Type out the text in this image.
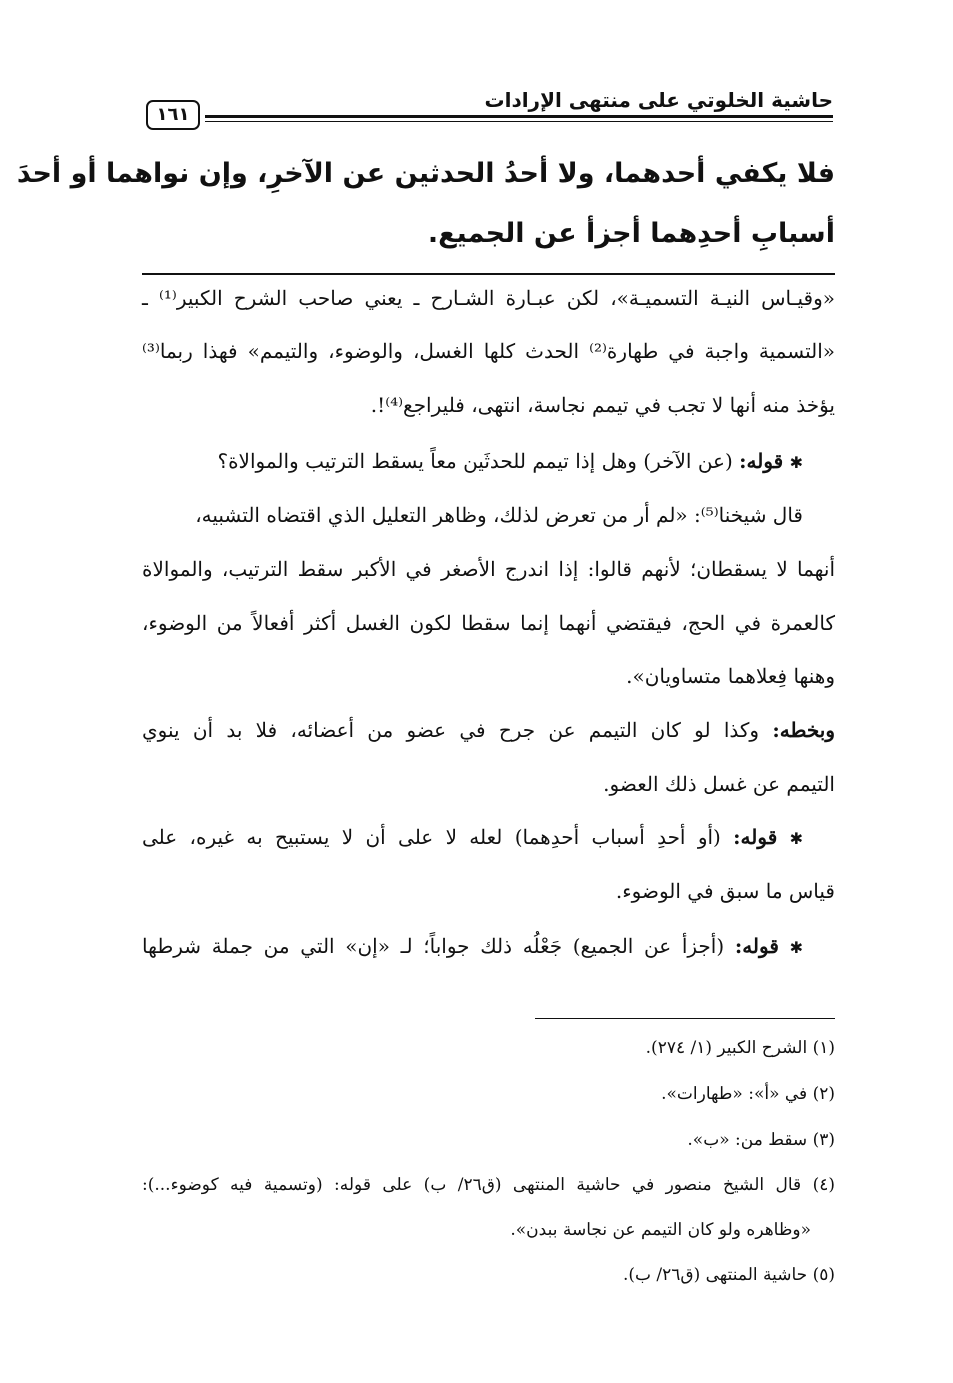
حاشية الخلوتي على منتهى الإرادات
١٦١
فلا يكفي أحدهما، ولا أحدُ الحدثين عن الآخرِ، وإن نواهما أو أحدَ
أسبابِ أحدِهما أجزأ عن الجميع.
«وقيـاس النيـة التسميـة»، لكن عبـارة الشـارح ـ يعني صاحب الشرح الكبير⁽¹⁾ ـ
«التسمية واجبة في طهارة⁽²⁾ الحدث كلها الغسل، والوضوء، والتيمم» فهذا ربما⁽³⁾
يؤخذ منه أنها لا تجب في تيمم نجاسة، انتهى، فليراجع⁽⁴⁾!.
✱ قوله: (عن الآخر) وهل إذا تيمم للحدثَين معاً يسقط الترتيب والموالاة؟
قال شيخنا⁽⁵⁾: «لم أر من تعرض لذلك، وظاهر التعليل الذي اقتضاه التشبيه،
أنهما لا يسقطان؛ لأنهم قالوا: إذا اندرج الأصغر في الأكبر سقط الترتيب، والموالاة
كالعمرة في الحج، فيقتضي أنهما إنما سقطا لكون الغسل أكثر أفعالاً من الوضوء،
وهنها فِعلاهما متساويان».
وبخطه: وكذا لو كان التيمم عن جرح في عضو من أعضائه، فلا بد أن ينوي
التيمم عن غسل ذلك العضو.
✱ قوله: (أو أحدِ أسباب أحدِهما) لعله لا على أن لا يستبيح به غيره، على
قياس ما سبق في الوضوء.
✱ قوله: (أجزأ عن الجميع) جَعْلُه ذلك جواباً؛ لـ «إن» التي من جملة شرطها
(١) الشرح الكبير (١/ ٢٧٤).
(٢) في «أ»: «طهارات».
(٣) سقط من: «ب».
(٤) قال الشيخ منصور في حاشية المنتهى (ق٢٦/ ب) على قوله: (وتسمية فيه كوضوء...):
«وظاهره ولو كان التيمم عن نجاسة ببدن».
(٥) حاشية المنتهى (ق٢٦/ ب).
